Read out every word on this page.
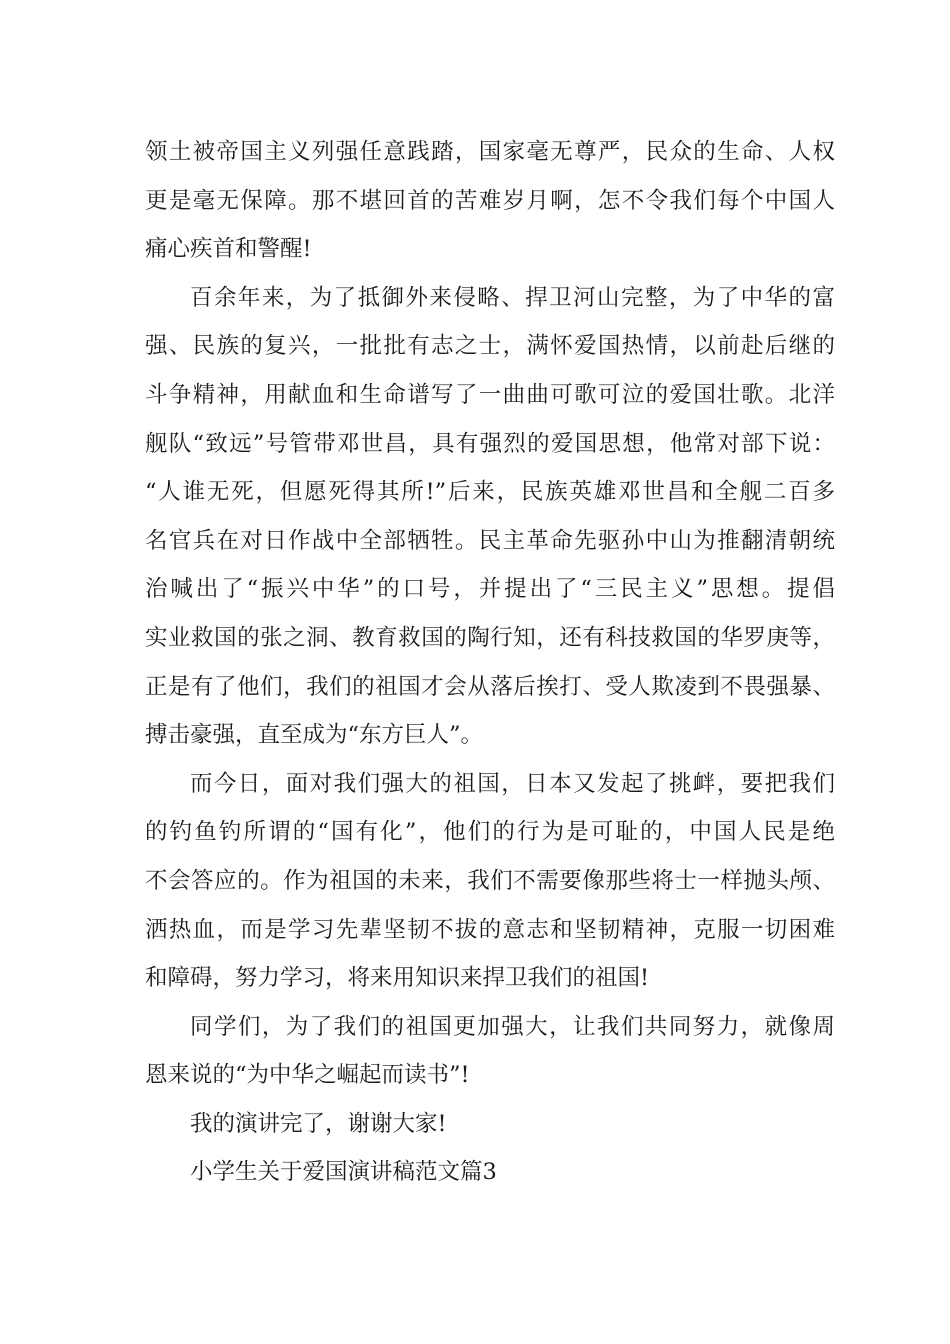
领土被帝国主义列强任意践踏，国家毫无尊严，民众的生命、人权
更是毫无保障。那不堪回首的苦难岁月啊，怎不令我们每个中国人
痛心疾首和警醒!
百余年来，为了抵御外来侵略、捍卫河山完整，为了中华的富
强、民族的复兴，一批批有志之士，满怀爱国热情，以前赴后继的
斗争精神，用献血和生命谱写了一曲曲可歌可泣的爱国壮歌。北洋
舰队“致远”号管带邓世昌，具有强烈的爱国思想，他常对部下说：
“人谁无死，但愿死得其所!”后来，民族英雄邓世昌和全舰二百多
名官兵在对日作战中全部牺牲。民主革命先驱孙中山为推翻清朝统
治喊出了“振兴中华”的口号，并提出了“三民主义”思想。提倡
实业救国的张之洞、教育救国的陶行知，还有科技救国的华罗庚等，
正是有了他们，我们的祖国才会从落后挨打、受人欺凌到不畏强暴、
搏击豪强，直至成为“东方巨人”。
而今日，面对我们强大的祖国，日本又发起了挑衅，要把我们
的钓鱼钓所谓的“国有化”，他们的行为是可耻的，中国人民是绝
不会答应的。作为祖国的未来，我们不需要像那些将士一样抛头颅、
洒热血，而是学习先辈坚韧不拔的意志和坚韧精神，克服一切困难
和障碍，努力学习，将来用知识来捍卫我们的祖国!
同学们，为了我们的祖国更加强大，让我们共同努力，就像周
恩来说的“为中华之崛起而读书”!
我的演讲完了，谢谢大家!
小学生关于爱国演讲稿范文篇3
